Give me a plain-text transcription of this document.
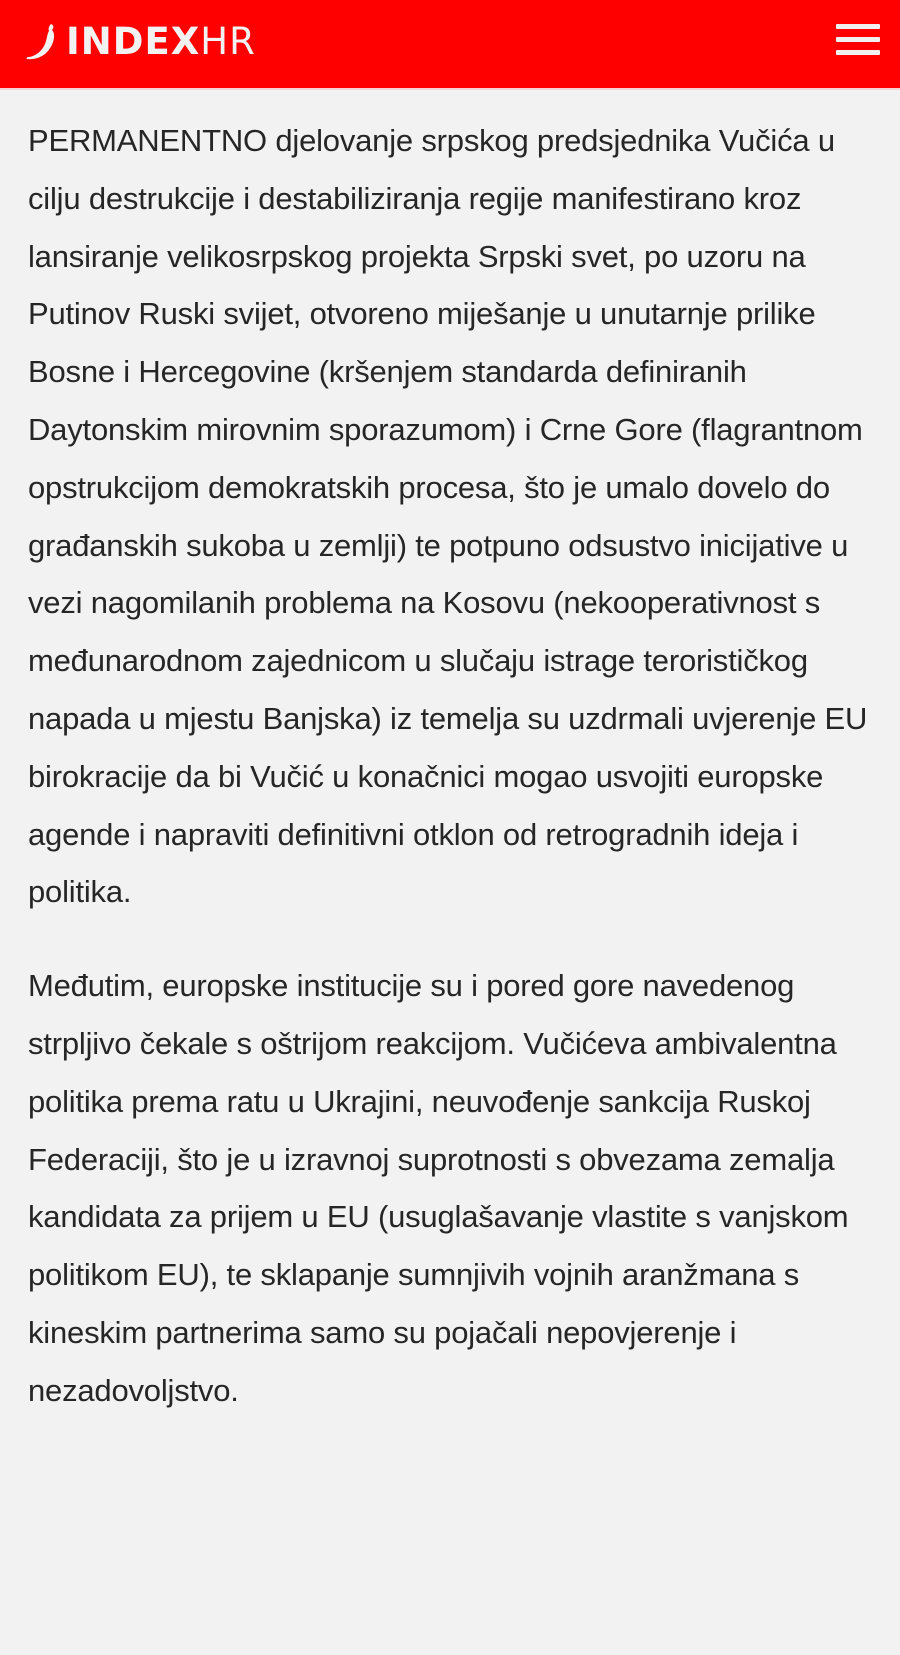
INDEX HR

PERMANENTNO djelovanje srpskog predsjednika Vučića u cilju destrukcije i destabiliziranja regije manifestirano kroz lansiranje velikosrpskog projekta Srpski svet, po uzoru na Putinov Ruski svijet, otvoreno miješanje u unutarnje prilike Bosne i Hercegovine (kršenjem standarda definiranih Daytonskim mirovnim sporazumom) i Crne Gore (flagrantnom opstrukcijom demokratskih procesa, što je umalo dovelo do građanskih sukoba u zemlji) te potpuno odsustvo inicijative u vezi nagomilanih problema na Kosovu (nekooperativnost s međunarodnom zajednicom u slučaju istrage terorističkog napada u mjestu Banjska) iz temelja su uzdrmali uvjerenje EU birokracije da bi Vučić u konačnici mogao usvojiti europske agende i napraviti definitivni otklon od retrogradnih ideja i politika.

Međutim, europske institucije su i pored gore navedenog strpljivo čekale s oštrijom reakcijom. Vučićeva ambivalentna politika prema ratu u Ukrajini, neuvođenje sankcija Ruskoj Federaciji, što je u izravnoj suprotnosti s obvezama zemalja kandidata za prijem u EU (usuglašavanje vlastite s vanjskom politikom EU), te sklapanje sumnjivih vojnih aranžmana s kineskim partnerima samo su pojačali nepovjerenje i nezadovoljstvo.
